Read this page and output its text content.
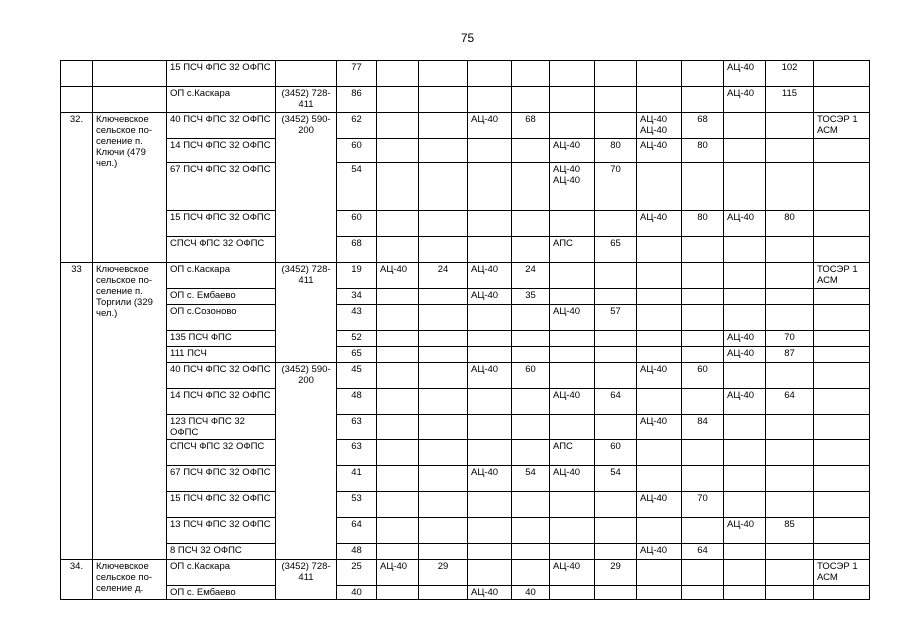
75
		15 ПСЧ ФПС 32 ОФПС		77									АЦ-40	102	
		ОП с.Каскара	(3452) 728-411	86									АЦ-40	115	
32.	Ключевское сельское по-селение п. Ключи (479 чел.)	40 ПСЧ ФПС 32 ОФПС	(3452) 590-200	62			АЦ-40	68			АЦ-40 АЦ-40	68			ТОСЭР 1 АСМ
		14 ПСЧ ФПС 32 ОФПС		60					АЦ-40	80	АЦ-40	80			
		67 ПСЧ ФПС 32 ОФПС		54					АЦ-40 АЦ-40	70					
		15 ПСЧ ФПС 32 ОФПС		60							АЦ-40	80	АЦ-40	80	
		СПСЧ ФПС 32 ОФПС		68					АПС	65					
33	Ключевское сельское по-селение п. Торгили (329 чел.)	ОП с.Каскара	(3452) 728-411	19	АЦ-40	24	АЦ-40	24							ТОСЭР 1 АСМ
		ОП с. Ембаево		34			АЦ-40	35							
		ОП с.Созоново		43					АЦ-40	57					
		135 ПСЧ ФПС		52									АЦ-40	70	
		111 ПСЧ		65									АЦ-40	87	
		40 ПСЧ ФПС 32 ОФПС	(3452) 590-200	45			АЦ-40	60			АЦ-40	60			
		14 ПСЧ ФПС 32 ОФПС		48					АЦ-40	64			АЦ-40	64	
		123 ПСЧ ФПС 32 ОФПС		63							АЦ-40	84			
		СПСЧ ФПС 32 ОФПС		63					АПС	60					
		67 ПСЧ ФПС 32 ОФПС		41			АЦ-40	54	АЦ-40	54					
		15 ПСЧ ФПС 32 ОФПС		53							АЦ-40	70			
		13 ПСЧ ФПС 32 ОФПС		64									АЦ-40	85	
		8 ПСЧ 32 ОФПС		48							АЦ-40	64			
34.	Ключевское сельское по-селение д.	ОП с.Каскара	(3452) 728-411	25	АЦ-40	29			АЦ-40	29					ТОСЭР 1 АСМ
		ОП с. Ембаево		40			АЦ-40	40							
